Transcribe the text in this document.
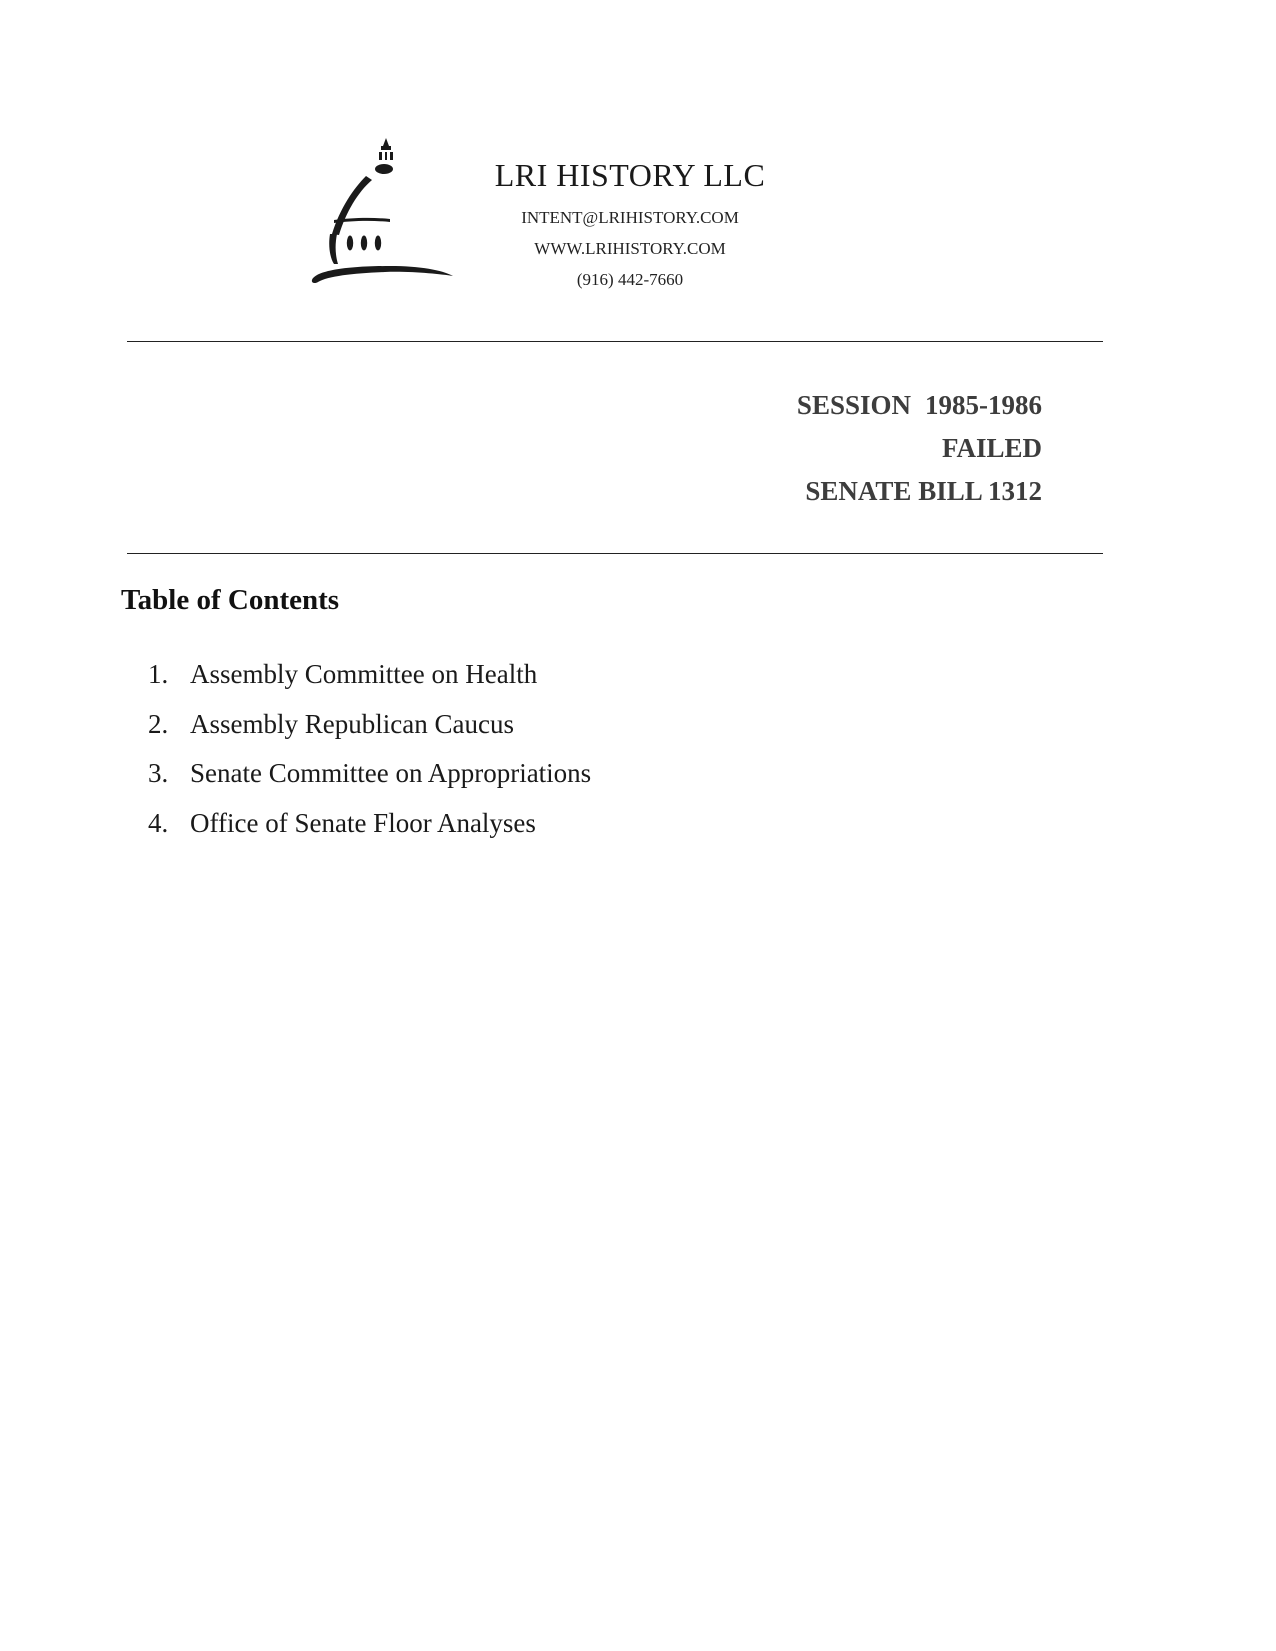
LRI HISTORY LLC
INTENT@LRIHISTORY.COM
WWW.LRIHISTORY.COM
(916) 442-7660
SESSION 1985-1986
FAILED
SENATE BILL 1312
Table of Contents
1. Assembly Committee on Health
2. Assembly Republican Caucus
3. Senate Committee on Appropriations
4. Office of Senate Floor Analyses
